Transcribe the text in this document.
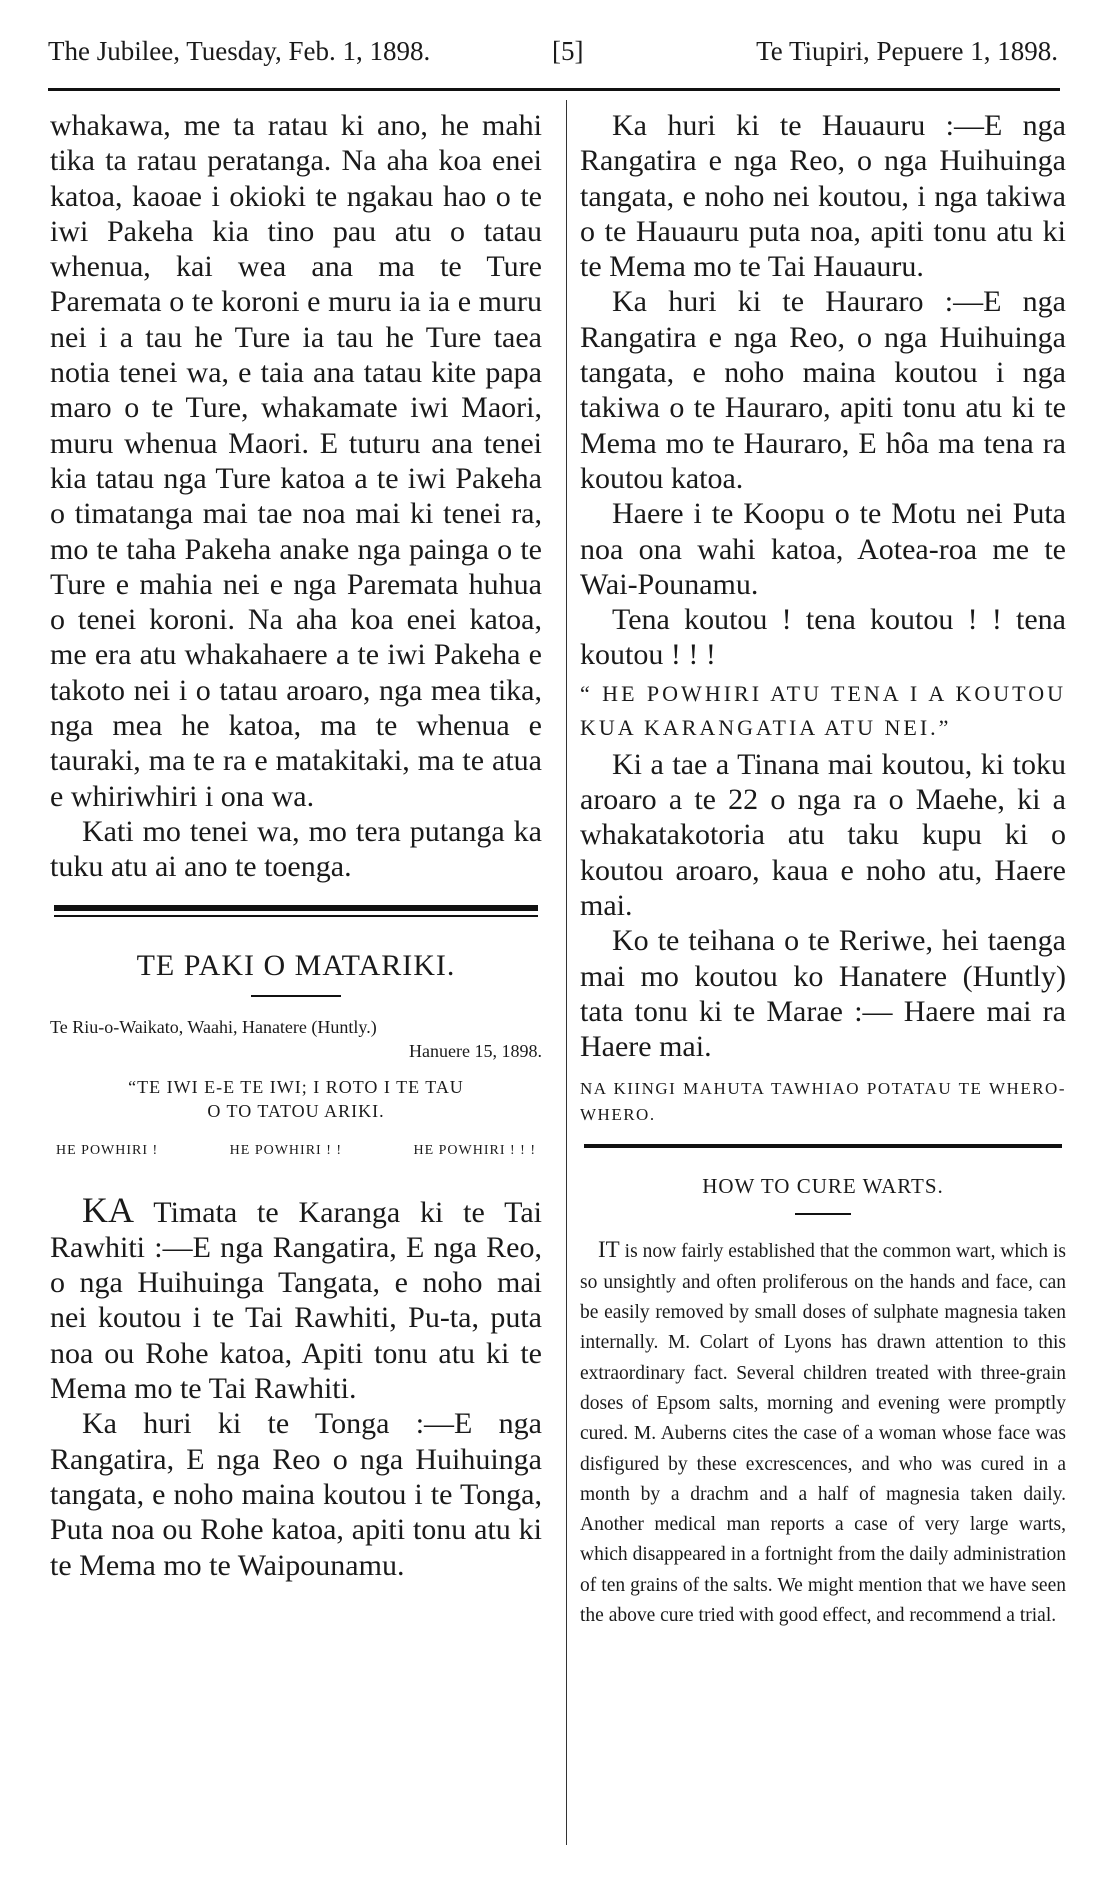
The Jubilee, Tuesday, Feb. 1, 1898.	[5]	Te Tiupiri, Pepuere 1, 1898.

whakawa, me ta ratau ki ano, he mahi tika ta ratau peratanga. Na aha koa enei katoa, kaoae i okioki te ngakau hao o te iwi Pakeha kia tino pau atu o tatau whenua, kai wea ana ma te Ture Paremata o te koroni e muru ia ia e muru nei i a tau he Ture ia tau he Ture taea notia tenei wa, e taia ana tatau kite papa maro o te Ture, whakamate iwi Maori, muru whenua Maori. E tuturu ana tenei kia tatau nga Ture katoa a te iwi Pakeha o timatanga mai tae noa mai ki tenei ra, mo te taha Pakeha anake nga painga o te Ture e mahia nei e nga Paremata huhua o tenei koroni. Na aha koa enei katoa, me era atu whakahaere a te iwi Pakeha e takoto nei i o tatau aroaro, nga mea tika, nga mea he katoa, ma te whenua e tauraki, ma te ra e matakitaki, ma te atua e whiriwhiri i ona wa.

Kati mo tenei wa, mo tera putanga ka tuku atu ai ano te toenga.

TE PAKI O MATARIKI.
Te Riu-o-Waikato, Waahi, Hanatere (Huntly.)
Hanuere 15, 1898.
“TE IWI E-E TE IWI; I ROTO I TE TAU
O TO TATOU ARIKI.
HE POWHIRI !	HE POWHIRI ! !	HE POWHIRI ! ! !

KA Timata te Karanga ki te Tai Rawhiti :—E nga Rangatira, E nga Reo, o nga Huihuinga Tangata, e noho mai nei koutou i te Tai Rawhiti, Pu-ta, puta noa ou Rohe katoa, Apiti tonu atu ki te Mema mo te Tai Rawhiti.

Ka huri ki te Tonga :—E nga Rangatira, E nga Reo o nga Huihuinga tangata, e noho maina koutou i te Tonga, Puta noa ou Rohe katoa, apiti tonu atu ki te Mema mo te Waipounamu.

Ka huri ki te Hauauru :—E nga Rangatira e nga Reo, o nga Huihuinga tangata, e noho nei koutou, i nga takiwa o te Hauauru puta noa, apiti tonu atu ki te Mema mo te Tai Hauauru.

Ka huri ki te Hauraro :—E nga Rangatira e nga Reo, o nga Huihuinga tangata, e noho maina koutou i nga takiwa o te Hauraro, apiti tonu atu ki te Mema mo te Hauraro, E hôa ma tena ra koutou katoa.

Haere i te Koopu o te Motu nei Puta noa ona wahi katoa, Aotea-roa me te Wai-Pounamu.

Tena koutou ! tena koutou ! ! tena koutou ! ! !

“ HE POWHIRI ATU TENA I A KOUTOU KUA KARANGATIA ATU NEI.”

Ki a tae a Tinana mai koutou, ki toku aroaro a te 22 o nga ra o Maehe, ki a whakatakotoria atu taku kupu ki o koutou aroaro, kaua e noho atu, Haere mai.

Ko te teihana o te Reriwe, hei taenga mai mo koutou ko Hanatere (Huntly) tata tonu ki te Marae :— Haere mai ra Haere mai.

NA KIINGI MAHUTA TAWHIAO POTATAU TE WHERO-WHERO.

HOW TO CURE WARTS.

IT is now fairly established that the common wart, which is so unsightly and often proliferous on the hands and face, can be easily removed by small doses of sulphate magnesia taken internally. M. Colart of Lyons has drawn attention to this extraordinary fact. Several children treated with three-grain doses of Epsom salts, morning and evening were promptly cured. M. Auberns cites the case of a woman whose face was disfigured by these excrescences, and who was cured in a month by a drachm and a half of magnesia taken daily. Another medical man reports a case of very large warts, which disappeared in a fortnight from the daily administration of ten grains of the salts. We might mention that we have seen the above cure tried with good effect, and recommend a trial.
